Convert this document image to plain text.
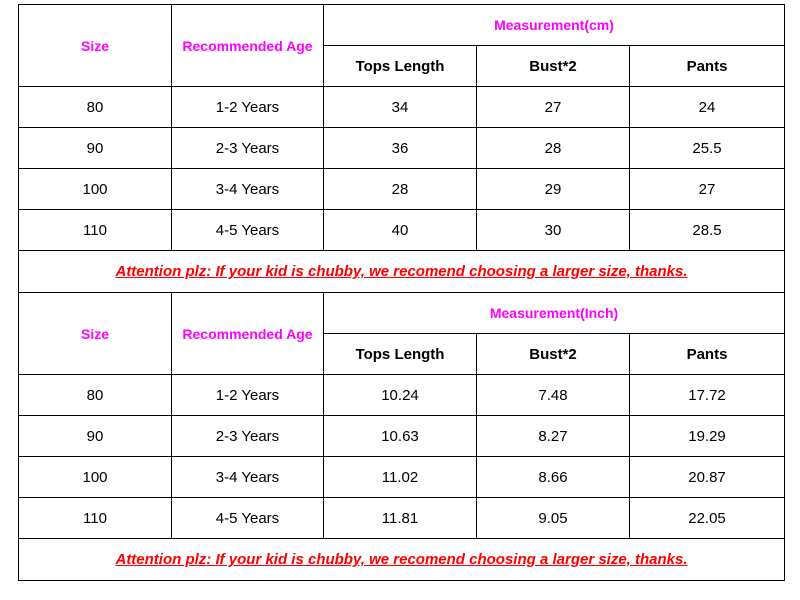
Size	Recommended Age	Measurement(cm)		
		Tops Length	Bust*2	Pants
80	1-2 Years	34	27	24
90	2-3 Years	36	28	25.5
100	3-4 Years	28	29	27
110	4-5 Years	40	30	28.5
Attention plz: If your kid is chubby, we recomend choosing a larger size, thanks.				
Size	Recommended Age	Measurement(Inch)		
		Tops Length	Bust*2	Pants
80	1-2 Years	10.24	7.48	17.72
90	2-3 Years	10.63	8.27	19.29
100	3-4 Years	11.02	8.66	20.87
110	4-5 Years	11.81	9.05	22.05
Attention plz: If your kid is chubby, we recomend choosing a larger size, thanks.				
